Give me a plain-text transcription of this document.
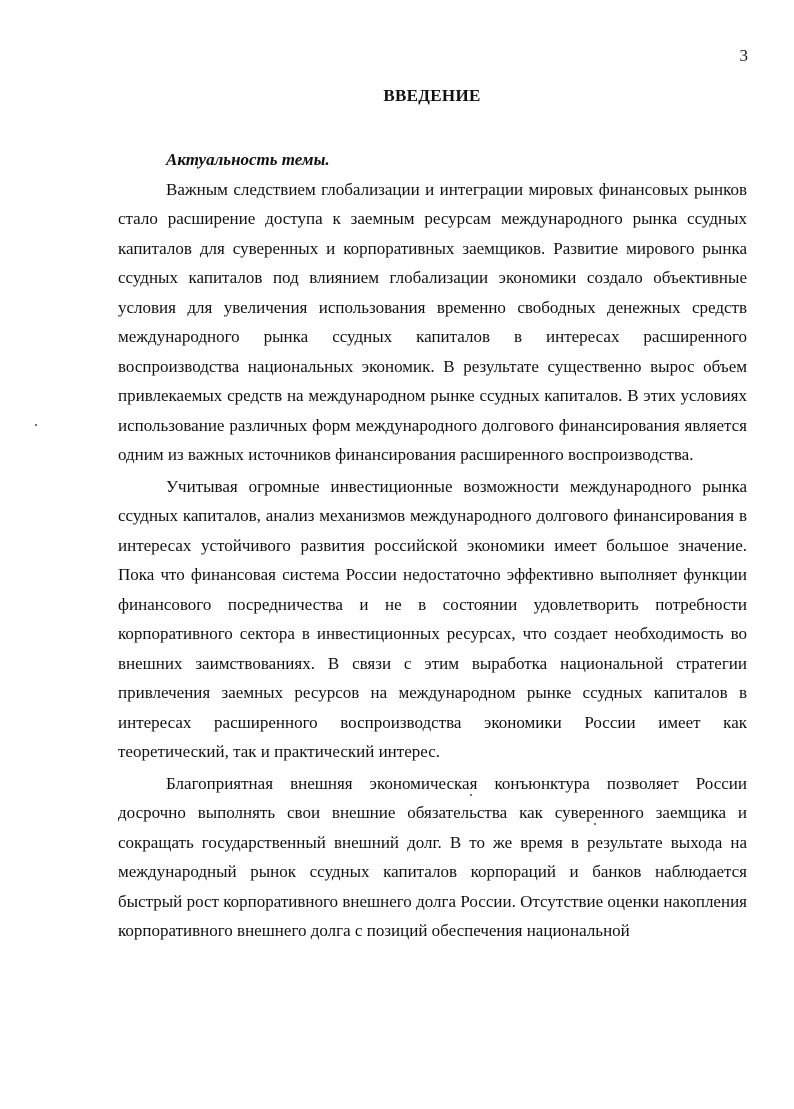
3
ВВЕДЕНИЕ

Актуальность темы.

Важным следствием глобализации и интеграции мировых финансовых рынков стало расширение доступа к заемным ресурсам международного рынка ссудных капиталов для суверенных и корпоративных заемщиков. Развитие мирового рынка ссудных капиталов под влиянием глобализации экономики создало объективные условия для увеличения использования временно свободных денежных средств международного рынка ссудных капиталов в интересах расширенного воспроизводства национальных экономик. В результате существенно вырос объем привлекаемых средств на международном рынке ссудных капиталов. В этих условиях использование различных форм международного долгового финансирования является одним из важных источников финансирования расширенного воспроизводства.

Учитывая огромные инвестиционные возможности международного рынка ссудных капиталов, анализ механизмов международного долгового финансирования в интересах устойчивого развития российской экономики имеет большое значение. Пока что финансовая система России недостаточно эффективно выполняет функции финансового посредничества и не в состоянии удовлетворить потребности корпоративного сектора в инвестиционных ресурсах, что создает необходимость во внешних заимствованиях. В связи с этим выработка национальной стратегии привлечения заемных ресурсов на международном рынке ссудных капиталов в интересах расширенного воспроизводства экономики России имеет как теоретический, так и практический интерес.

Благоприятная внешняя экономическая конъюнктура позволяет России досрочно выполнять свои внешние обязательства как суверенного заемщика и сокращать государственный внешний долг. В то же время в результате выхода на международный рынок ссудных капиталов корпораций и банков наблюдается быстрый рост корпоративного внешнего долга России. Отсутствие оценки накопления корпоративного внешнего долга с позиций обеспечения национальной
